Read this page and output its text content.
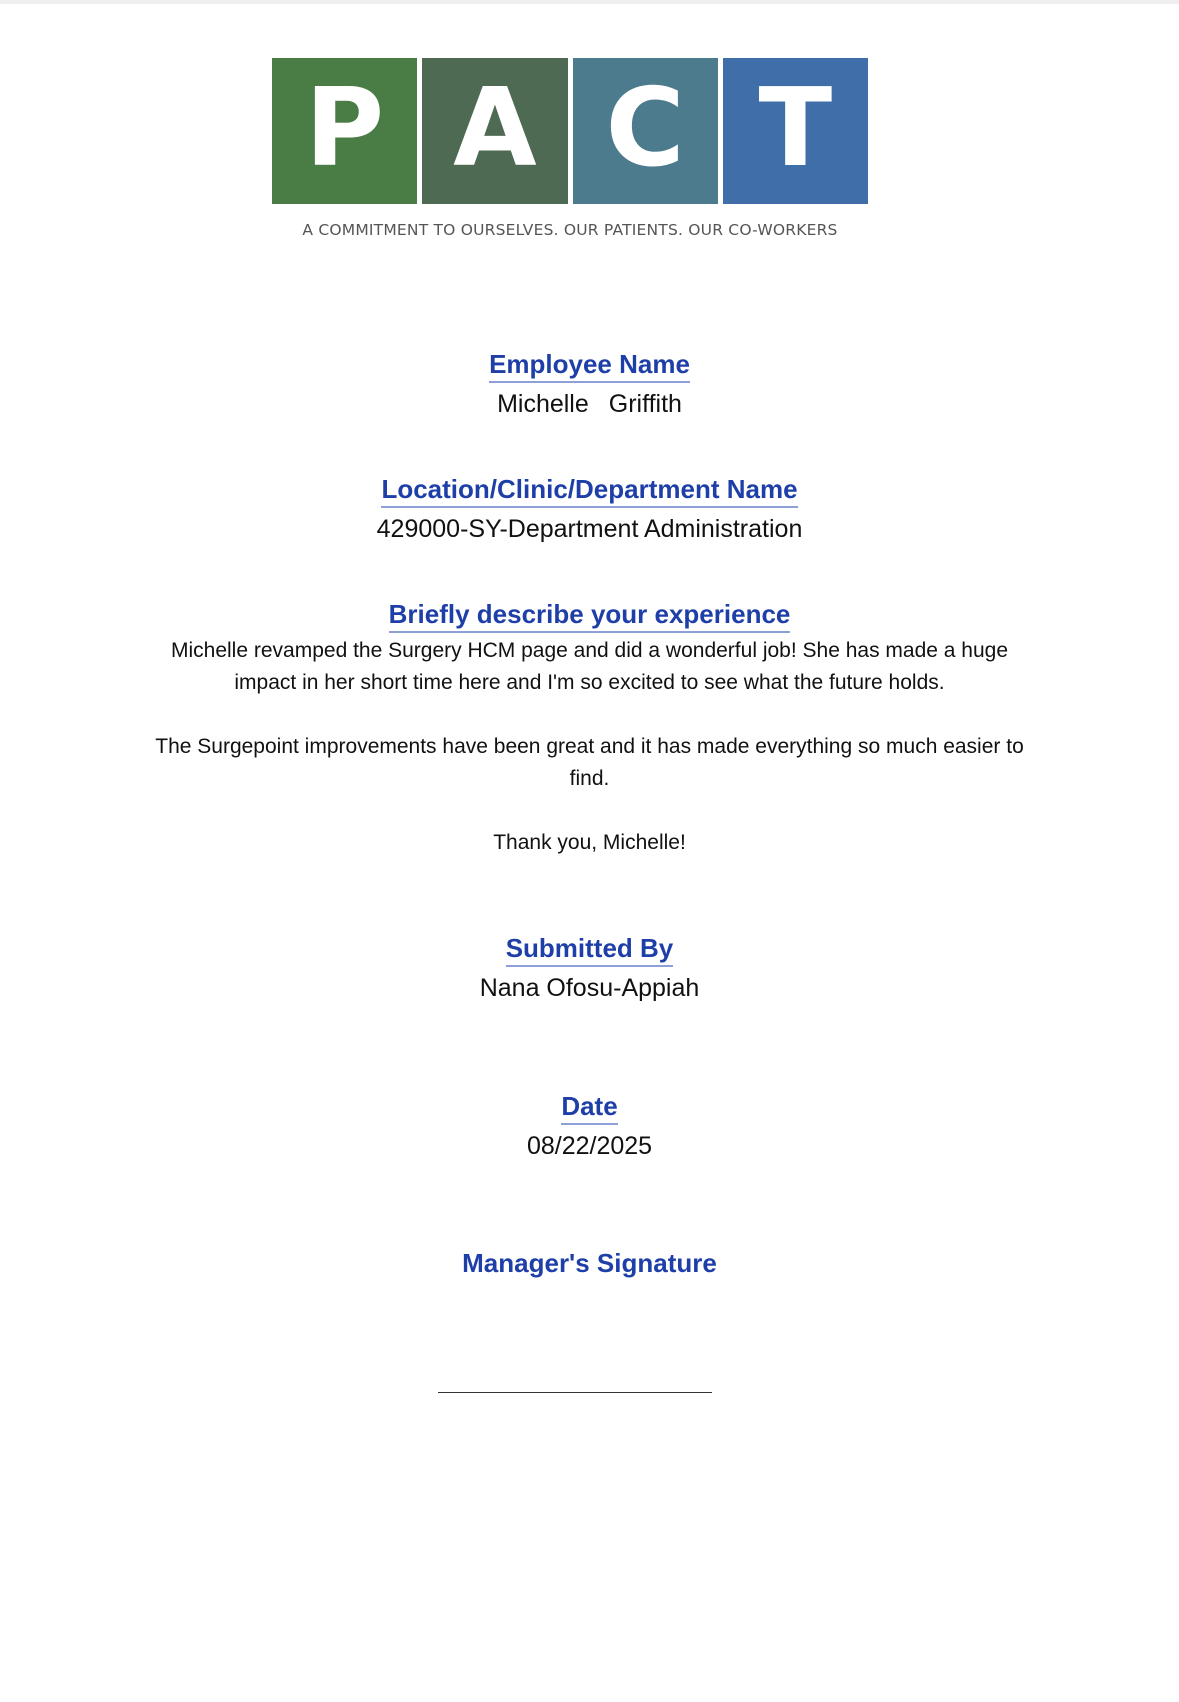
P A C T
A COMMITMENT TO OURSELVES. OUR PATIENTS. OUR CO-WORKERS
Employee Name
Michelle Griffith
Location/Clinic/Department Name
429000-SY-Department Administration
Briefly describe your experience
Michelle revamped the Surgery HCM page and did a wonderful job! She has made a huge impact in her short time here and I'm so excited to see what the future holds.
The Surgepoint improvements have been great and it has made everything so much easier to find.
Thank you, Michelle!
Submitted By
Nana Ofosu-Appiah
Date
08/22/2025
Manager's Signature
